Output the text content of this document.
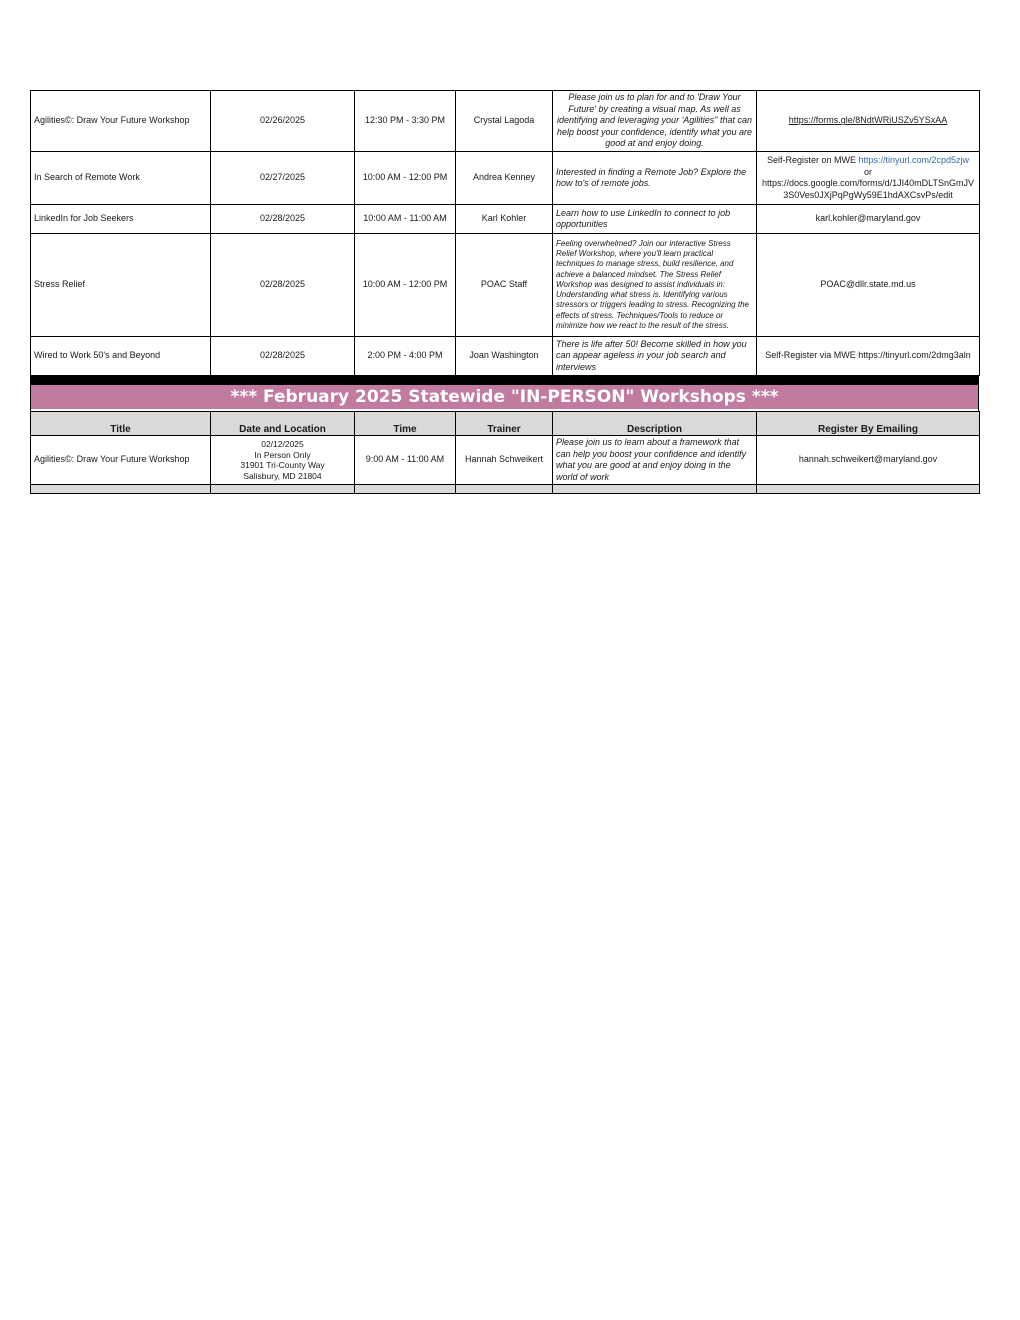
Agilities©: Draw Your Future Workshop	02/26/2025	12:30 PM - 3:30 PM	Crystal Lagoda	Please join us to plan for and to 'Draw Your Future' by creating a visual map. As well as identifying and leveraging your 'Agilities" that can help boost your confidence, identify what you are good at and enjoy doing.	https://forms.gle/8NdtWRiUSZv5YSxAA
In Search of Remote Work	02/27/2025	10:00 AM - 12:00 PM	Andrea Kenney	Interested in finding a Remote Job? Explore the how to's of remote jobs.	Self-Register on MWE https://tinyurl.com/2cpd5zjw
or
https://docs.google.com/forms/d/1JI40mDLTSnGmJV3S0Ves0JXjPqPgWy59E1hdAXCsvPs/edit

LinkedIn for Job Seekers	02/28/2025	10:00 AM - 11:00 AM	Karl Kohler	Learn how to use LinkedIn to connect to job opportunities	karl.kohler@maryland.gov
Stress Relief	02/28/2025	10:00 AM - 12:00 PM	POAC Staff	Feeling overwhelmed? Join our interactive Stress Relief Workshop, where you'll learn practical techniques to manage stress, build resilience, and achieve a balanced mindset. The Stress Relief Workshop was designed to assist individuals in: Understanding what stress is. Identifying various stressors or triggers leading to stress. Recognizing the effects of stress. Techniques/Tools to reduce or minimize how we react to the result of the stress.	POAC@dllr.state.md.us
Wired to Work 50's and Beyond	02/28/2025	2:00 PM - 4:00 PM	Joan Washington	There is life after 50! Become skilled in how you can appear ageless in your job search and interviews	Self-Register via MWE https://tinyurl.com/2dmg3aln
*** February 2025 Statewide "IN-PERSON" Workshops ***
Title	Date and Location	Time	Trainer	Description	Register By Emailing
Agilities©: Draw Your Future Workshop	02/12/2025
In Person Only
31901 Tri-County Way
Salisbury, MD 21804	9:00 AM - 11:00 AM	Hannah Schweikert	Please join us to learn about a framework that can help you boost your confidence and identify what you are good at and enjoy doing in the world of work	hannah.schweikert@maryland.gov
